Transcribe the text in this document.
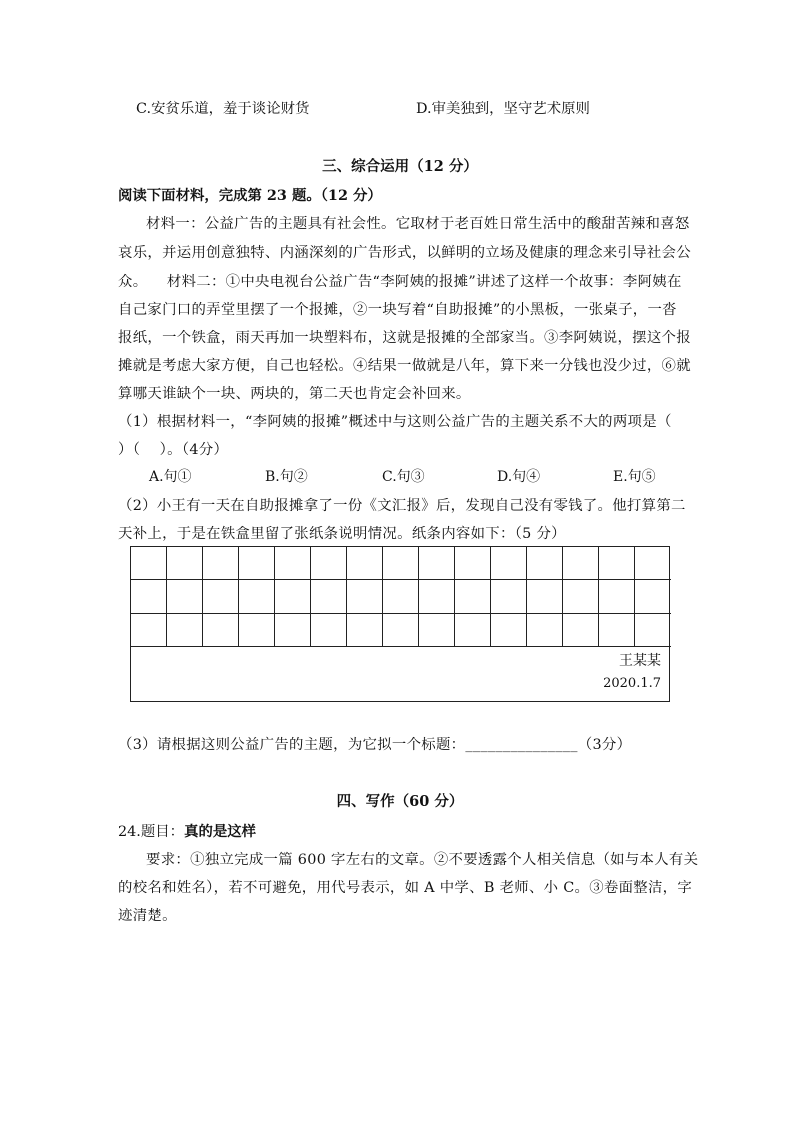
C.安贫乐道，羞于谈论财货	D.审美独到，坚守艺术原则
三、综合运用（12 分）
阅读下面材料，完成第 23 题。（12 分）
材料一：公益广告的主题具有社会性。它取材于老百姓日常生活中的酸甜苦辣和喜怒
哀乐，并运用创意独特、内涵深刻的广告形式，以鲜明的立场及健康的理念来引导社会公
众。    材料二：①中央电视台公益广告“李阿姨的报摊”讲述了这样一个故事：李阿姨在
自己家门口的弄堂里摆了一个报摊，②一块写着“自助报摊”的小黑板，一张桌子，一沓
报纸，一个铁盒，雨天再加一块塑料布，这就是报摊的全部家当。③李阿姨说，摆这个报
摊就是考虑大家方便，自己也轻松。④结果一做就是八年，算下来一分钱也没少过，⑥就
算哪天谁缺个一块、两块的，第二天也肯定会补回来。
（1）根据材料一，“李阿姨的报摊”概述中与这则公益广告的主题关系不大的两项是（
）（    ）。（4分）
A.句①	B.句②	C.句③	D.句④	E.句⑤
（2）小王有一天在自助报摊拿了一份《文汇报》后，发现自己没有零钱了。他打算第二
天补上，于是在铁盒里留了张纸条说明情况。纸条内容如下：（5 分）
王某某
2020.1.7
（3）请根据这则公益广告的主题，为它拟一个标题：_______________（3分）
四、写作（60 分）
24.题目：真的是这样
要求：①独立完成一篇 600 字左右的文章。②不要透露个人相关信息（如与本人有关
的校名和姓名），若不可避免，用代号表示，如 A 中学、B 老师、小 C。③卷面整洁，字
迹清楚。
